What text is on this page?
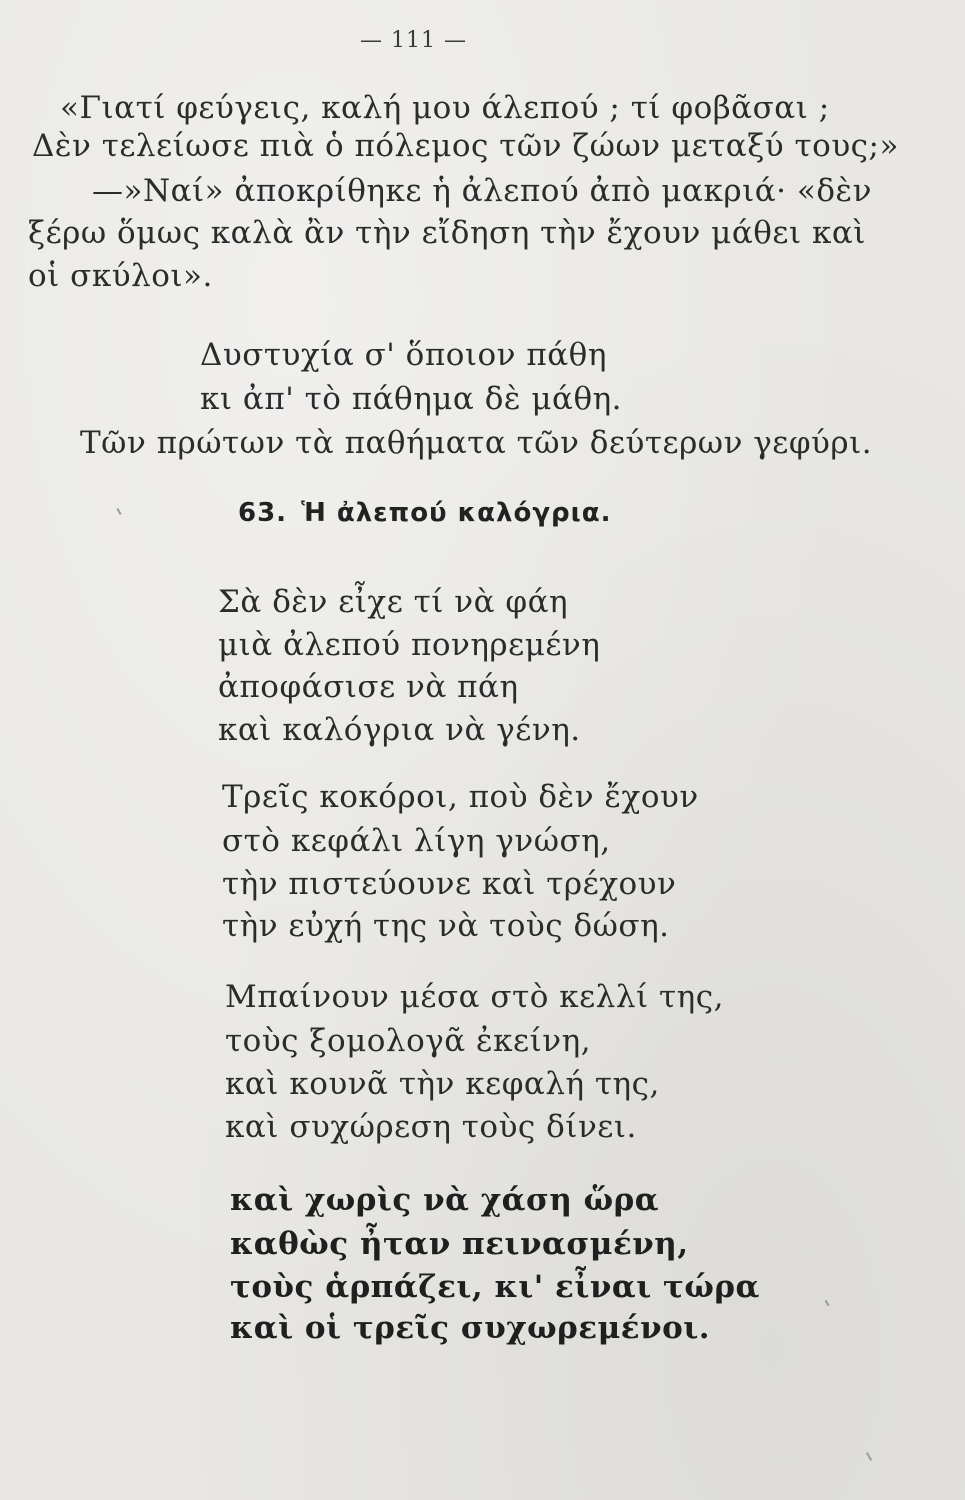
— 111 —
«Γιατί φεύγεις, καλή μου άλεπού ; τί φοβᾶσαι ;
Δὲν τελείωσε πιὰ ὁ πόλεμος τῶν ζώων μεταξύ τους;»
—»Ναί» ἀποκρίθηκε ἡ ἀλεπού ἀπὸ μακριά· «δὲν
ξέρω ὅμως καλὰ ἂν τὴν εἴδηση τὴν ἔχουν μάθει καὶ
οἱ σκύλοι».
Δυστυχία σ' ὅποιον πάθη
κι ἀπ' τὸ πάθημα δὲ μάθη.
Τῶν πρώτων τὰ παθήματα τῶν δεύτερων γεφύρι.
63. Ἡ ἀλεπού καλόγρια.
Σὰ δὲν εἶχε τί νὰ φάη
μιὰ ἀλεπού πονηρεμένη
ἀποφάσισε νὰ πάη
καὶ καλόγρια νὰ γένη.
Τρεῖς κοκόροι, ποὺ δὲν ἔχουν
στὸ κεφάλι λίγη γνώση,
τὴν πιστεύουνε καὶ τρέχουν
τὴν εὐχή της νὰ τοὺς δώση.
Μπαίνουν μέσα στὸ κελλί της,
τοὺς ξομολογᾶ ἐκείνη,
καὶ κουνᾶ τὴν κεφαλή της,
καὶ συχώρεση τοὺς δίνει.
καὶ χωρὶς νὰ χάση ὥρα
καθὼς ἦταν πεινασμένη,
τοὺς ἁρπάζει, κι' εἶναι τώρα
καὶ οἱ τρεῖς συχωρεμένοι.
